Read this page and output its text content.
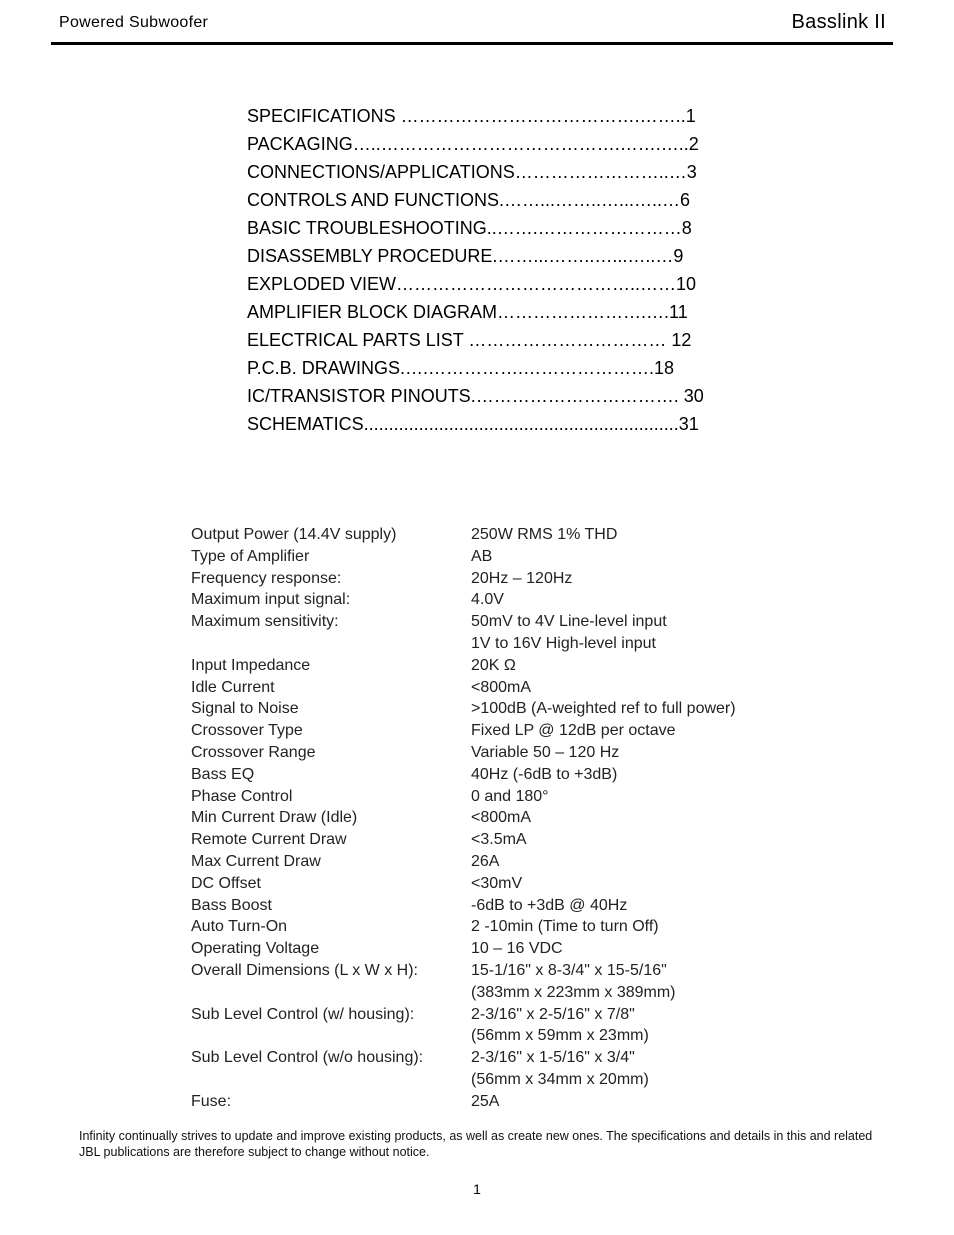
Powered Subwoofer	Basslink II
SPECIFICATIONS ………………………………….……..1
PACKAGING…..………………………………….…….…..2
CONNECTIONS/APPLICATIONS……………………..…3
CONTROLS AND FUNCTIONS.……...……..…...…..…6
BASIC TROUBLESHOOTING..…….……………………8
DISASSEMBLY PROCEDURE.……...……..…...…..…9
EXPLODED VIEW…………………………………..……10
AMPLIFIER BLOCK DIAGRAM…………………….….11
ELECTRICAL PARTS LIST …………………………… 12
P.C.B. DRAWINGS.….…………….………………….18
IC/TRANSISTOR PINOUTS.……………………………. 30
SCHEMATICS...............................................................31
Output Power (14.4V supply)	250W RMS 1% THD
Type of Amplifier	AB
Frequency response:	20Hz – 120Hz
Maximum input signal:	4.0V
Maximum sensitivity:	50mV to 4V Line-level input
1V to 16V High-level input
Input Impedance	20K Ω
Idle Current	<800mA
Signal to Noise	>100dB (A-weighted ref to full power)
Crossover Type	Fixed LP @ 12dB per octave
Crossover Range	Variable 50 – 120 Hz
Bass EQ	40Hz (-6dB to +3dB)
Phase Control	0 and 180°
Min Current Draw (Idle)	<800mA
Remote Current Draw	<3.5mA
Max Current Draw	26A
DC Offset	<30mV
Bass Boost	-6dB to +3dB @ 40Hz
Auto Turn-On	2 -10min (Time to turn Off)
Operating Voltage	10 – 16 VDC
Overall Dimensions (L x W x H):	15-1/16" x 8-3/4" x 15-5/16"
(383mm x 223mm x 389mm)
Sub Level Control (w/ housing):	2-3/16" x 2-5/16" x 7/8"
(56mm x 59mm x 23mm)
Sub Level Control (w/o housing):	2-3/16" x 1-5/16" x 3/4"
(56mm x 34mm x 20mm)
Fuse:	25A
Infinity continually strives to update and improve existing products, as well as create new ones. The specifications and details in this and related JBL publications are therefore subject to change without notice.
1
